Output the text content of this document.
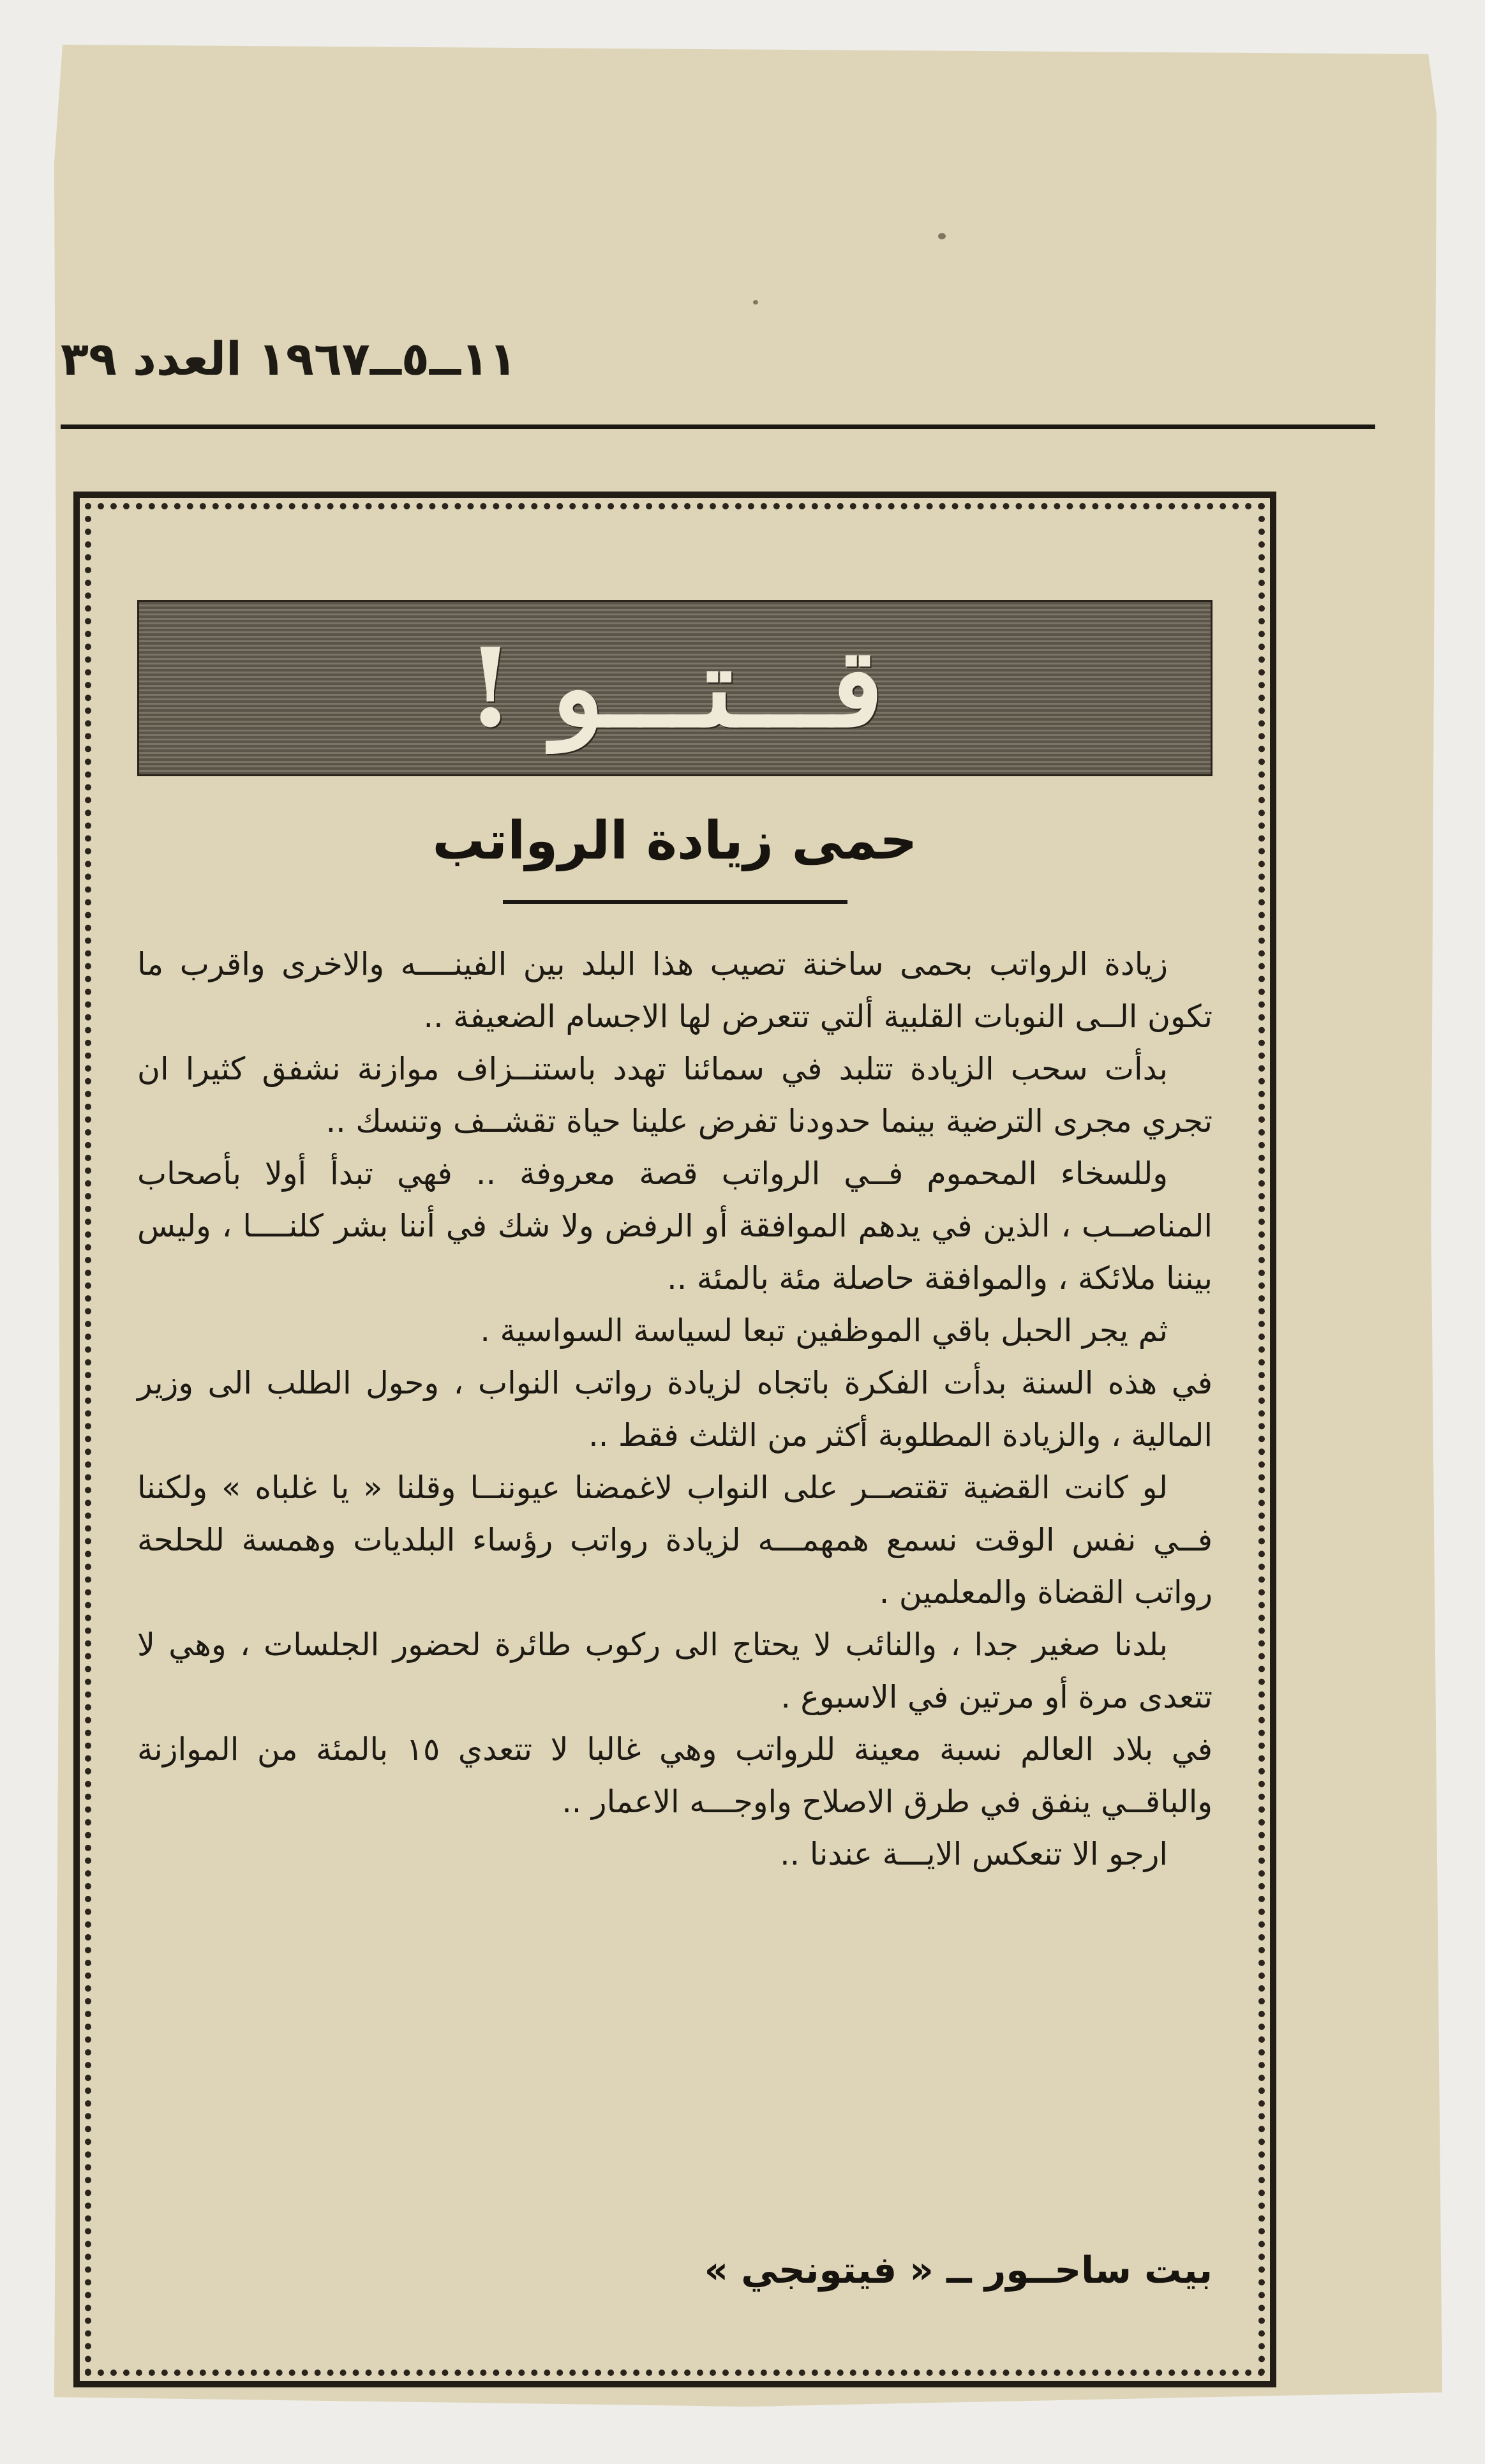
١١ــ٥ــ١٩٦٧ العدد ٣٩
قـــتـــو !
حمى زيادة الرواتب

زيادة الرواتب بحمى ساخنة تصيب هذا البلد بين الفينــــه والاخرى واقرب ما تكون الــى النوبات القلبية ألتي تتعرض لها الاجسام الضعيفة ..

بدأت سحب الزيادة تتلبد في سمائنا تهدد باستنــزاف موازنة نشفق كثيرا ان تجري مجرى الترضية بينما حدودنا تفرض علينا حياة تقشــف وتنسك ..

وللسخاء المحموم فــي الرواتب قصة معروفة .. فهي تبدأ أولا بأصحاب المناصــب ، الذين في يدهم الموافقة أو الرفض ولا شك في أننا بشر كلنــــا ، وليس بيننا ملائكة ، والموافقة حاصلة مئة بالمئة ..

ثم يجر الحبل باقي الموظفين تبعا لسياسة السواسية .

في هذه السنة بدأت الفكرة باتجاه لزيادة رواتب النواب ، وحول الطلب الى وزير المالية ، والزيادة المطلوبة أكثر من الثلث فقط ..

لو كانت القضية تقتصــر على النواب لاغمضنا عيوننــا وقلنا « يا غلباه » ولكننا فــي نفس الوقت نسمع همهمـــه لزيادة رواتب رؤساء البلديات وهمسة للحلحة رواتب القضاة والمعلمين .

بلدنا صغير جدا ، والنائب لا يحتاج الى ركوب طائرة لحضور الجلسات ، وهي لا تتعدى مرة أو مرتين في الاسبوع .

في بلاد العالم نسبة معينة للرواتب وهي غالبا لا تتعدي ١٥ بالمئة من الموازنة والباقــي ينفق في طرق الاصلاح واوجـــه الاعمار ..

ارجو الا تنعكس الايـــة عندنا ..

بيت ساحــور ــ « فيتونجي »
